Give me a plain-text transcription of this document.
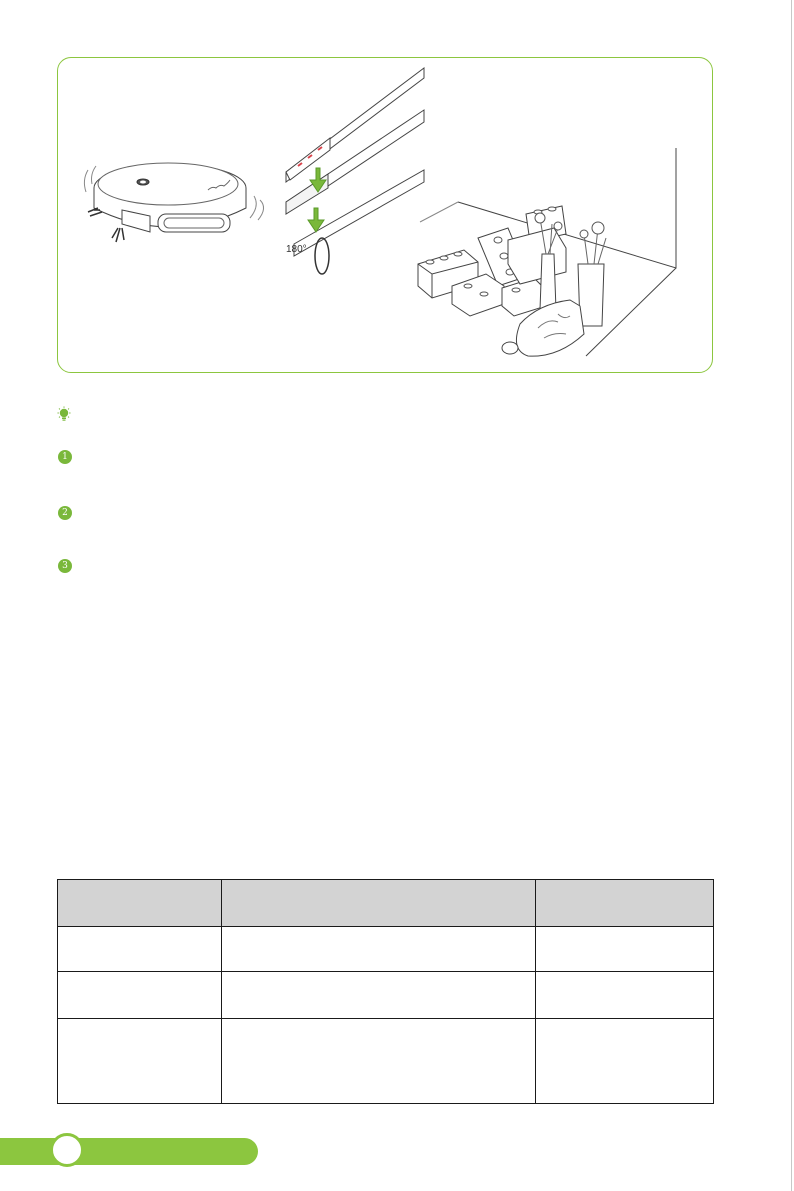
180°
1
2
3
